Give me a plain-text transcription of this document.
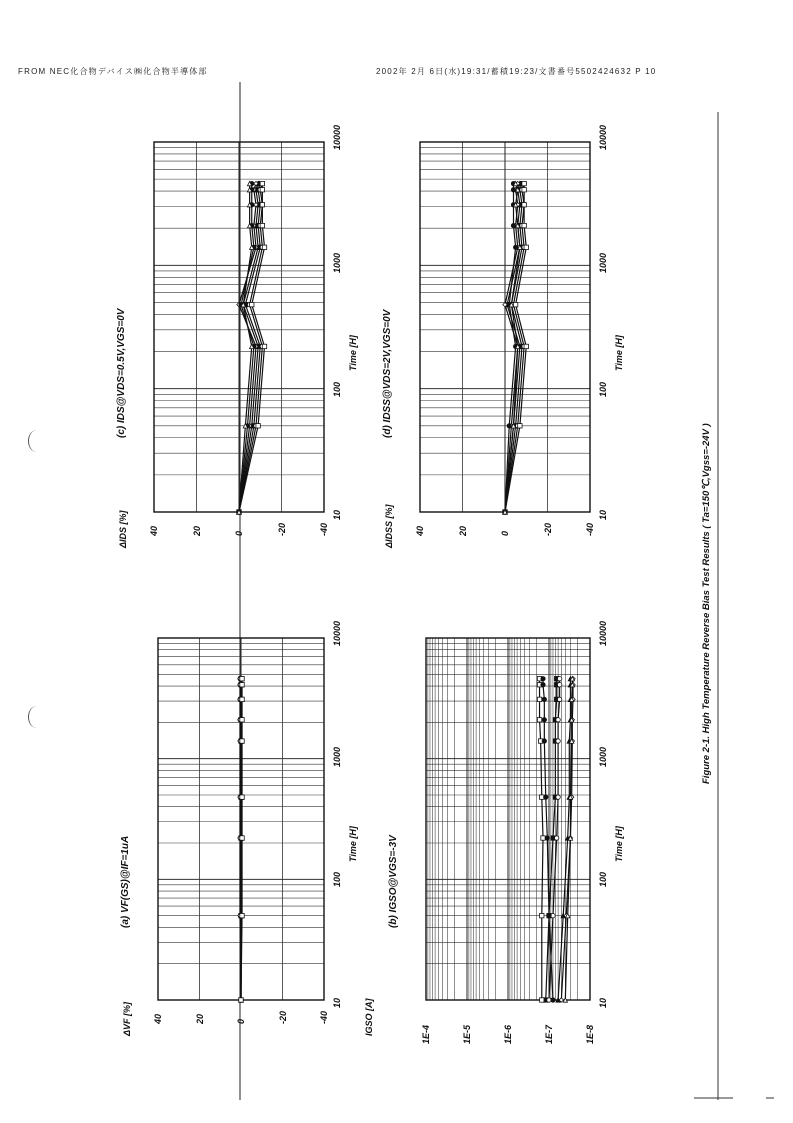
FROM NEC化合物デバイス㈱化合物半導体部	2002年 2月 6日(水)19:31/蓄積19:23/文書番号5502424632 P 10
Figure 2-1. High Temperature Reverse Bias Test Results ( Ta=150℃,Vgss=-24V )
40	20	0	-20	-40
10
100
1000
10000
Time [H]
ΔVF [%]
(a) VF(GS)@IF=1uA
1E-4	1E-5	1E-6	1E-7	1E-8
10
100
1000
10000
Time [H]
IGSO [A]
(b) IGSO@VGS=-3V
40	20	0	-20	-40
10
100
1000
10000
Time [H]
ΔIDS [%]
(c) IDS@VDS=0.5V,VGS=0V
40	20	0	-20	-40
10
100
1000
10000
Time [H]
ΔIDSS [%]
(d) IDSS@VDS=2V,VGS=0V
